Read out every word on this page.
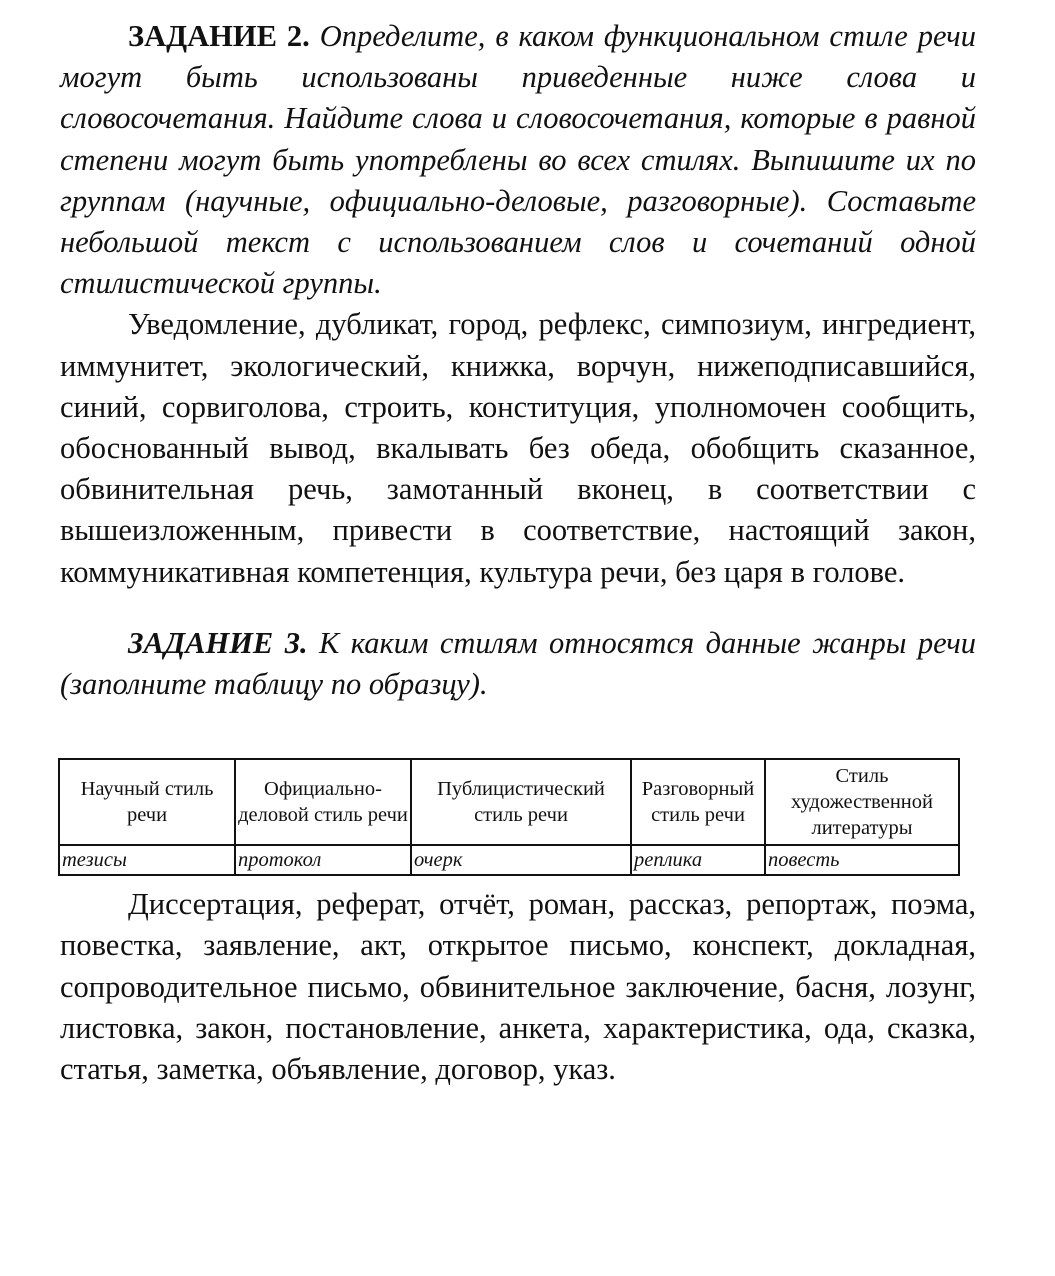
ЗАДАНИЕ 2. Определите, в каком функциональном стиле речи могут быть использованы приведенные ниже слова и словосочетания. Найдите слова и словосочетания, которые в равной степени могут быть употреблены во всех стилях. Выпишите их по группам (научные, официально-деловые, разговорные). Составьте небольшой текст с использованием слов и сочетаний одной стилистической группы.

Уведомление, дубликат, город, рефлекс, симпозиум, ингредиент, иммунитет, экологический, книжка, ворчун, нижеподписавшийся, синий, сорвиголова, строить, конституция, уполномочен сообщить, обоснованный вывод, вкалывать без обеда, обобщить сказанное, обвинительная речь, замотанный вконец, в соответствии с вышеизложенным, привести в соответствие, настоящий закон, коммуникативная компетенция, культура речи, без царя в голове.

ЗАДАНИЕ 3. К каким стилям относятся данные жанры речи (заполните таблицу по образцу).

Научный стиль речи	Официально-деловой стиль речи	Публицистический стиль речи	Разговорный стиль речи	Стиль художественной литературы
тезисы	протокол	очерк	реплика	повесть

Диссертация, реферат, отчёт, роман, рассказ, репортаж, поэма, повестка, заявление, акт, открытое письмо, конспект, докладная, сопроводительное письмо, обвинительное заключение, басня, лозунг, листовка, закон, постановление, анкета, характеристика, ода, сказка, статья, заметка, объявление, договор, указ.
